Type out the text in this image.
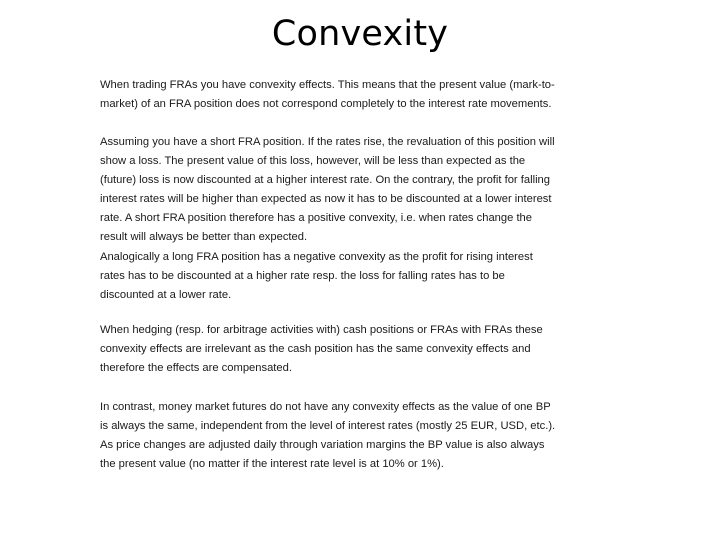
Convexity
When trading FRAs you have convexity effects. This means that the present value (mark-to-
market) of an FRA position does not correspond completely to the interest rate movements.
Assuming you have a short FRA position. If the rates rise, the revaluation of this position will
show a loss. The present value of this loss, however, will be less than expected as the
(future) loss is now discounted at a higher interest rate. On the contrary, the profit for falling
interest rates will be higher than expected as now it has to be discounted at a lower interest
rate. A short FRA position therefore has a positive convexity, i.e. when rates change the
result will always be better than expected.
Analogically a long FRA position has a negative convexity as the profit for rising interest
rates has to be discounted at a higher rate resp. the loss for falling rates has to be
discounted at a lower rate.
When hedging (resp. for arbitrage activities with) cash positions or FRAs with FRAs these
convexity effects are irrelevant as the cash position has the same convexity effects and
therefore the effects are compensated.
In contrast, money market futures do not have any convexity effects as the value of one BP
is always the same, independent from the level of interest rates (mostly 25 EUR, USD, etc.).
As price changes are adjusted daily through variation margins the BP value is also always
the present value (no matter if the interest rate level is at 10% or 1%).
